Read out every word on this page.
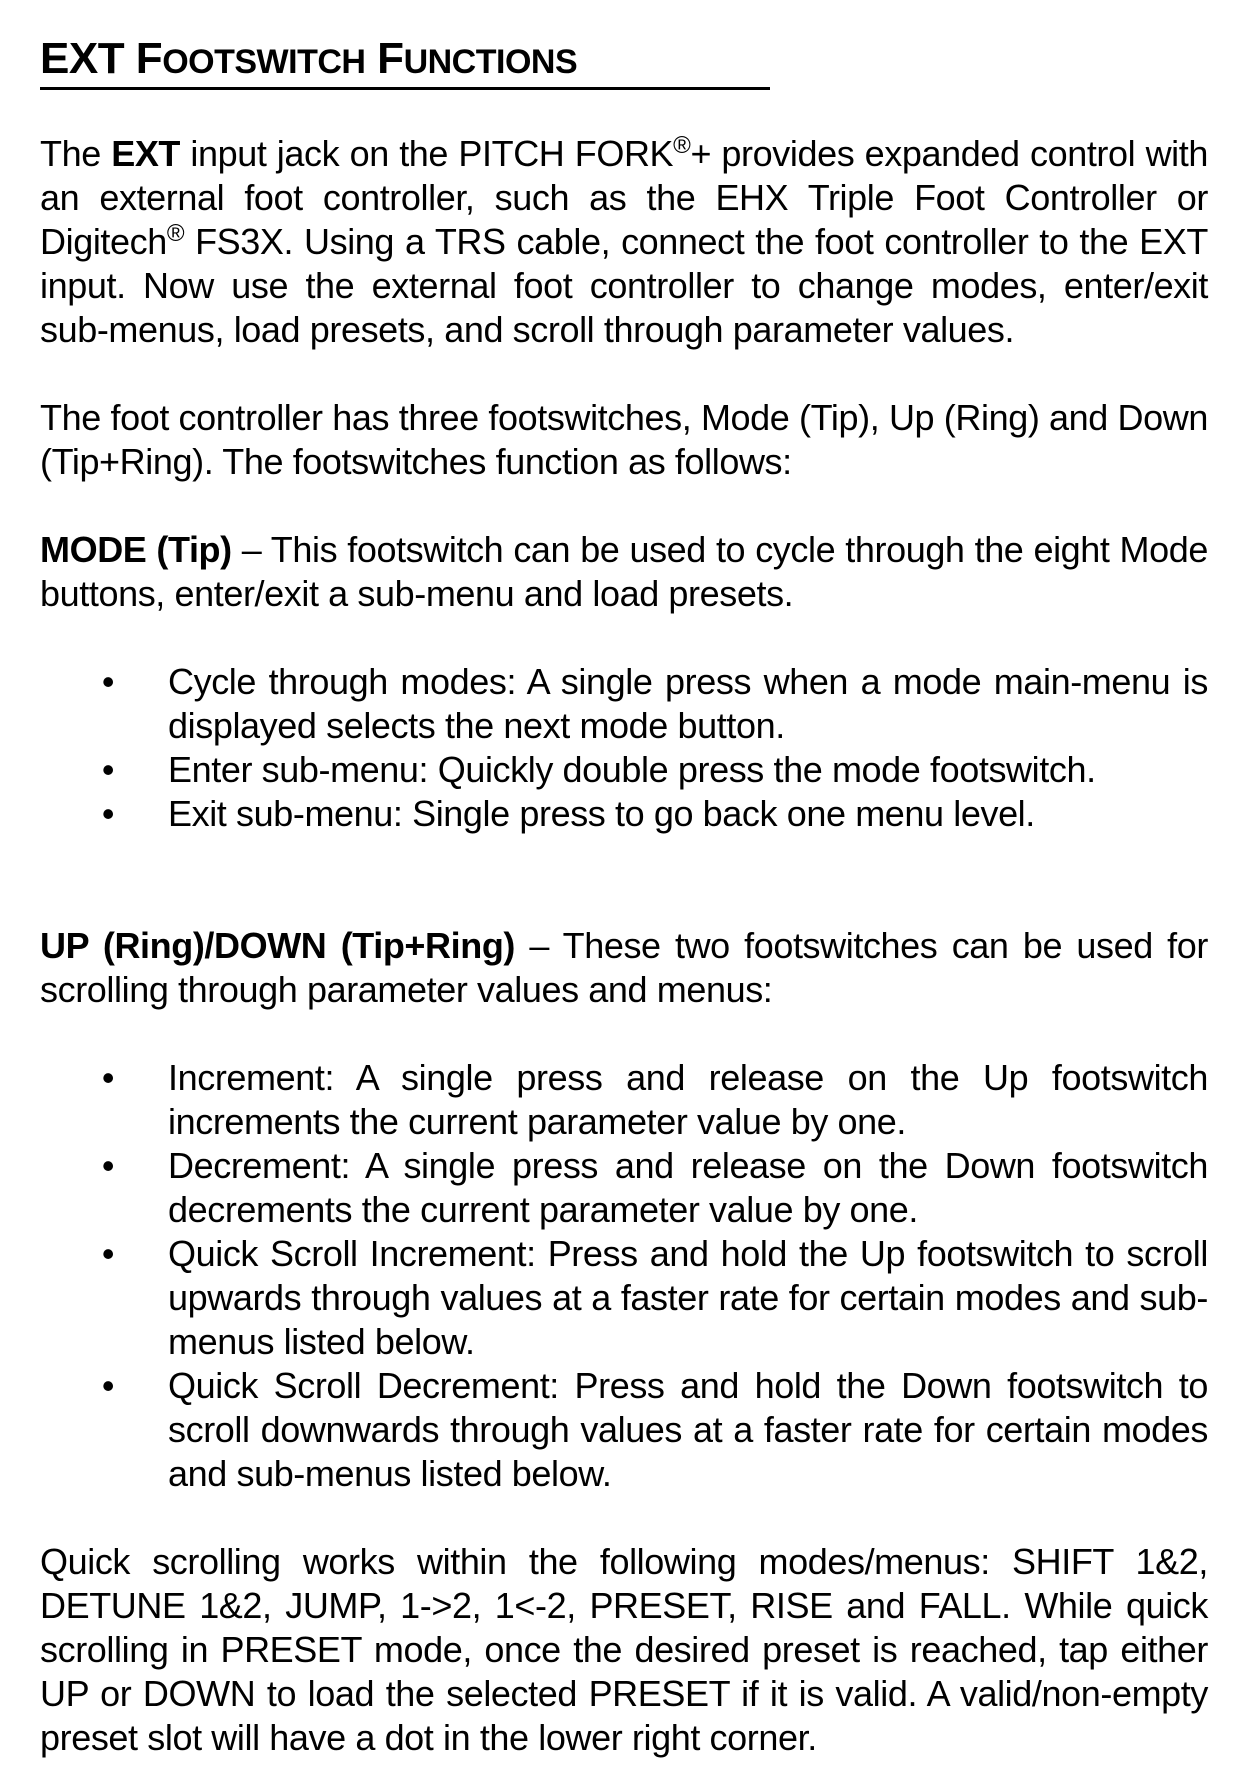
EXT FOOTSWITCH FUNCTIONS

The EXT input jack on the PITCH FORK®+ provides expanded control with an external foot controller, such as the EHX Triple Foot Controller or Digitech® FS3X. Using a TRS cable, connect the foot controller to the EXT input. Now use the external foot controller to change modes, enter/exit sub-menus, load presets, and scroll through parameter values.

The foot controller has three footswitches, Mode (Tip), Up (Ring) and Down (Tip+Ring). The footswitches function as follows:

MODE (Tip) – This footswitch can be used to cycle through the eight Mode buttons, enter/exit a sub-menu and load presets.

• Cycle through modes: A single press when a mode main-menu is displayed selects the next mode button.
• Enter sub-menu: Quickly double press the mode footswitch.
• Exit sub-menu: Single press to go back one menu level.

UP (Ring)/DOWN (Tip+Ring) – These two footswitches can be used for scrolling through parameter values and menus:

• Increment: A single press and release on the Up footswitch increments the current parameter value by one.
• Decrement: A single press and release on the Down footswitch decrements the current parameter value by one.
• Quick Scroll Increment: Press and hold the Up footswitch to scroll upwards through values at a faster rate for certain modes and sub-menus listed below.
• Quick Scroll Decrement: Press and hold the Down footswitch to scroll downwards through values at a faster rate for certain modes and sub-menus listed below.

Quick scrolling works within the following modes/menus: SHIFT 1&2, DETUNE 1&2, JUMP, 1->2, 1<-2, PRESET, RISE and FALL. While quick scrolling in PRESET mode, once the desired preset is reached, tap either UP or DOWN to load the selected PRESET if it is valid. A valid/non-empty preset slot will have a dot in the lower right corner.
